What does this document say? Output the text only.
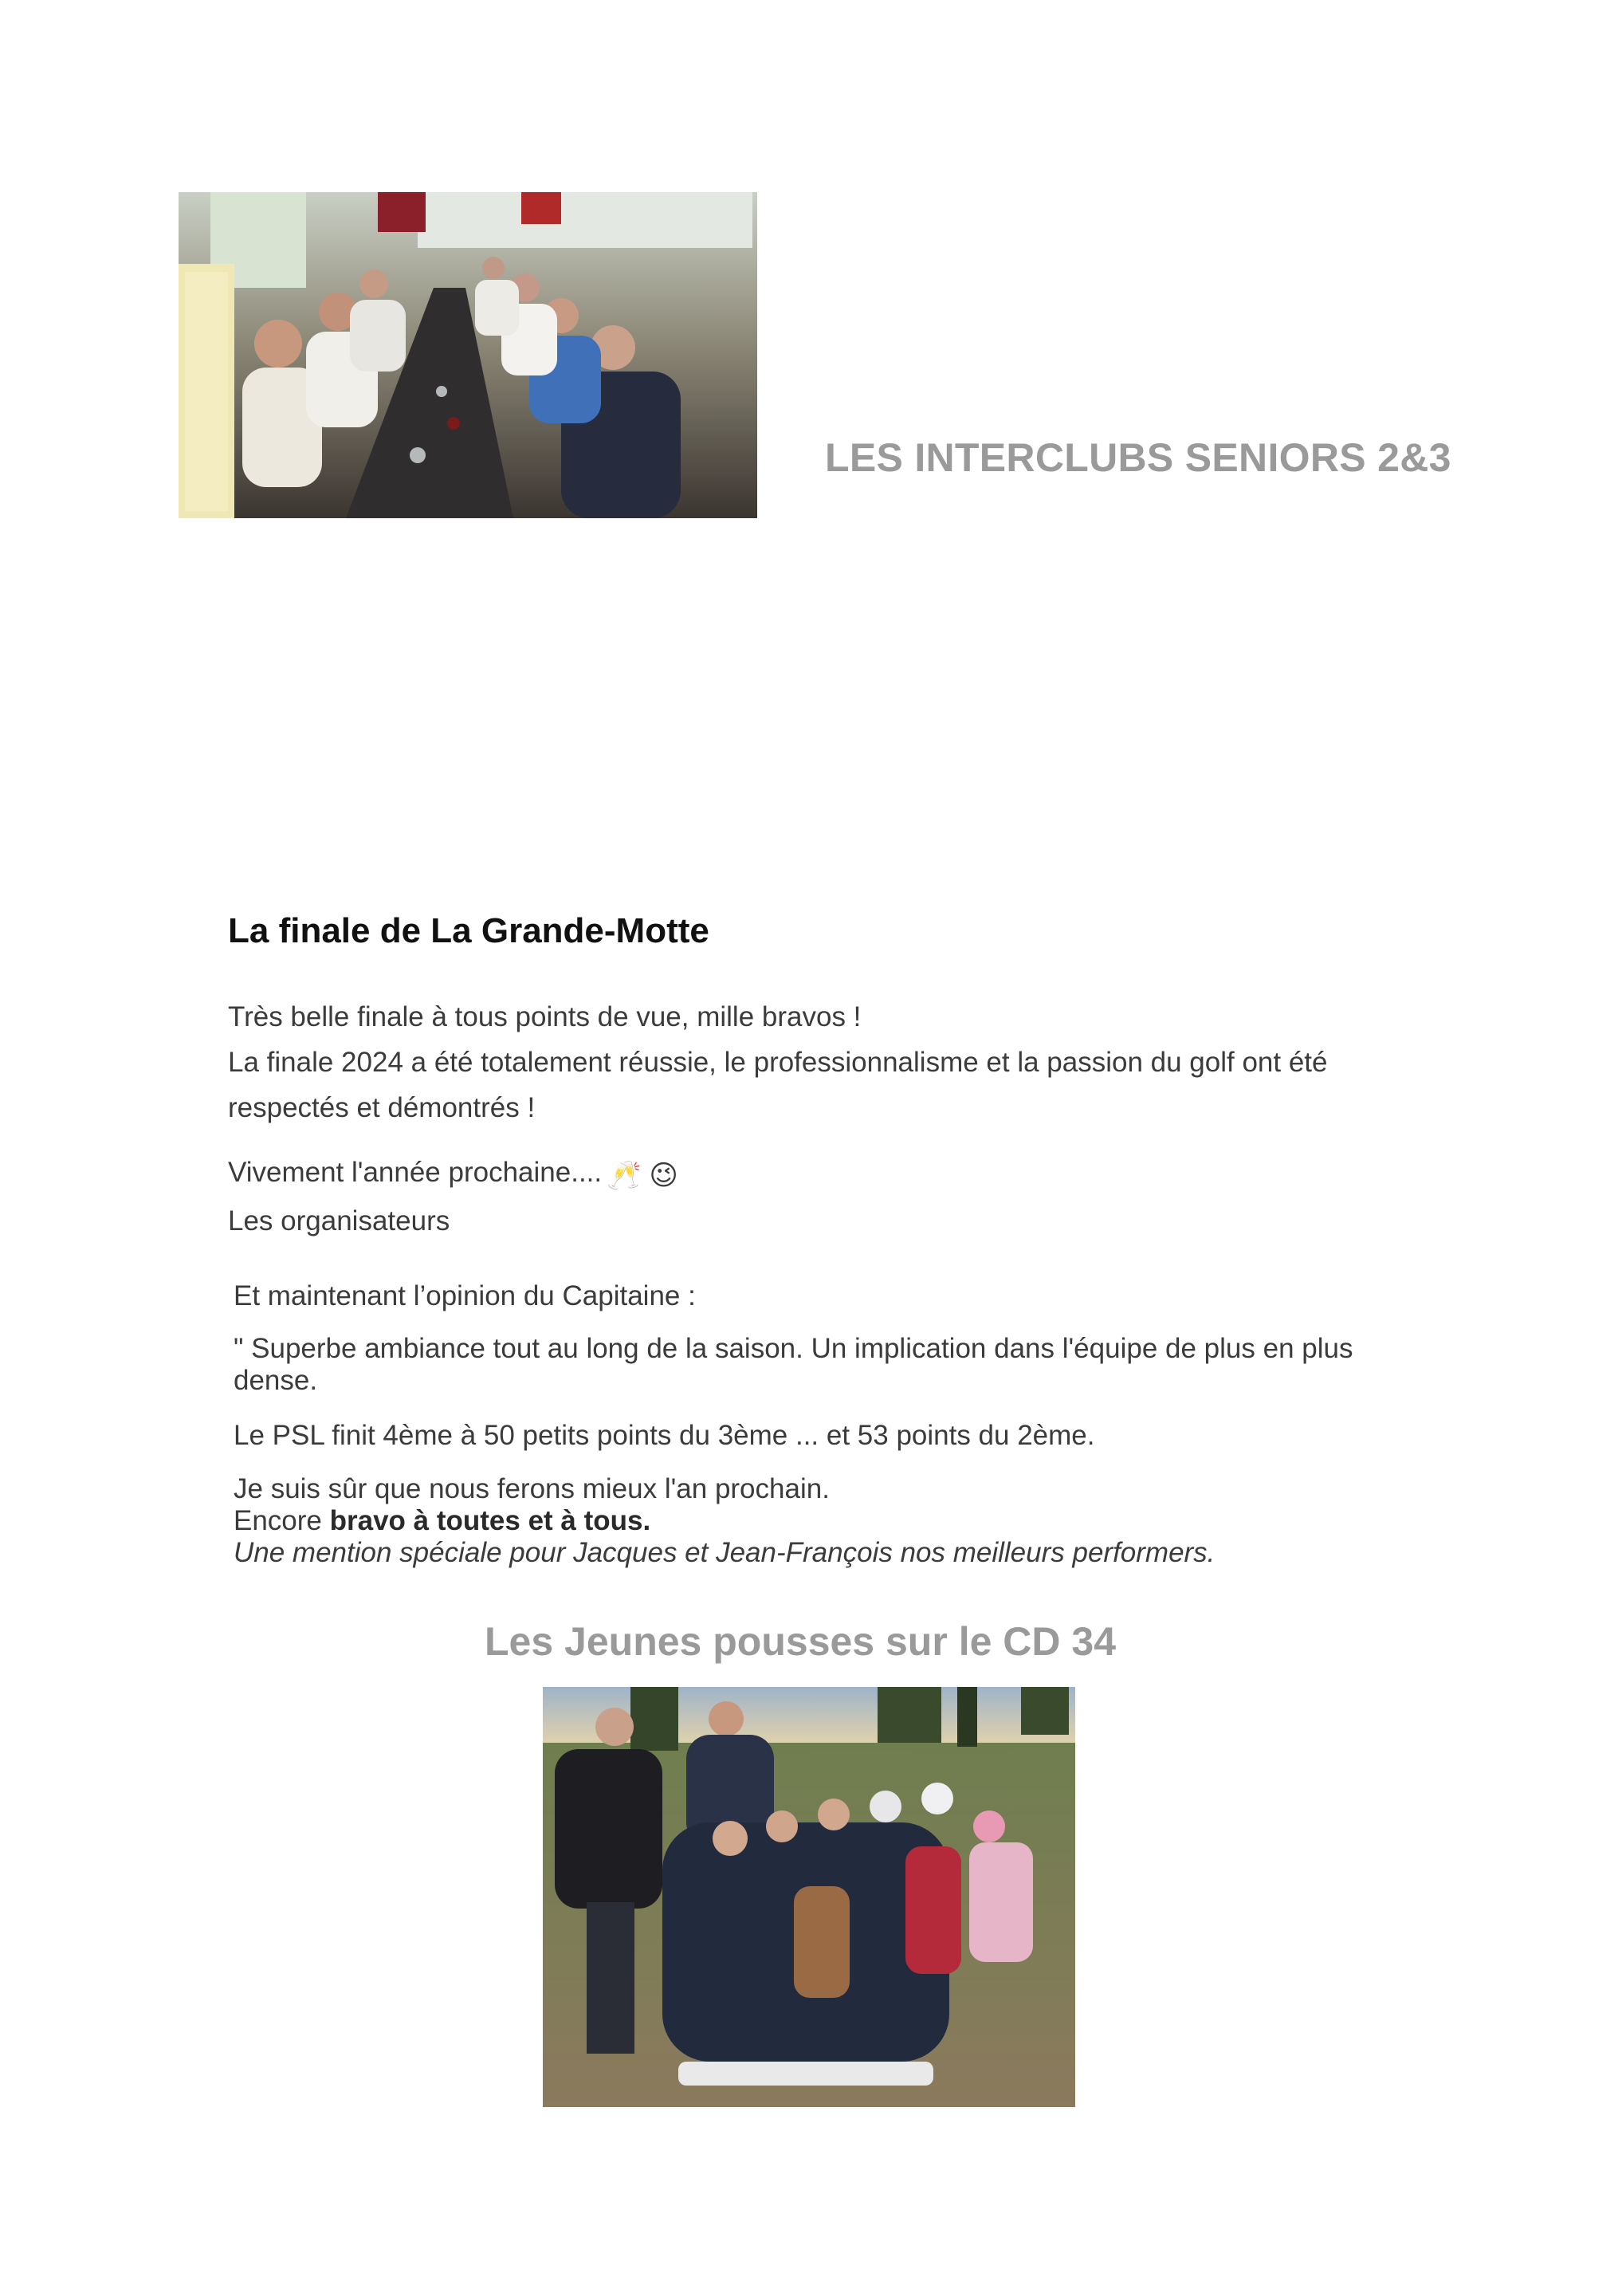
LES INTERCLUBS SENIORS 2&3
La finale de La Grande-Motte

Très belle finale à tous points de vue, mille bravos !
La finale 2024 a été totalement réussie, le professionnalisme et la passion du golf ont été
respectés et démontrés !

Vivement l'année prochaine.... 🥂 😉
Les organisateurs

Et maintenant l’opinion du Capitaine :

" Superbe ambiance tout au long de la saison. Un implication dans l'équipe de plus en plus
dense.

Le PSL finit 4ème à 50 petits points du 3ème ... et 53 points du 2ème.

Je suis sûr que nous ferons mieux l'an prochain.
Encore bravo à toutes et à tous.
Une mention spéciale pour Jacques et Jean-François nos meilleurs performers.

Les Jeunes pousses sur le CD 34
